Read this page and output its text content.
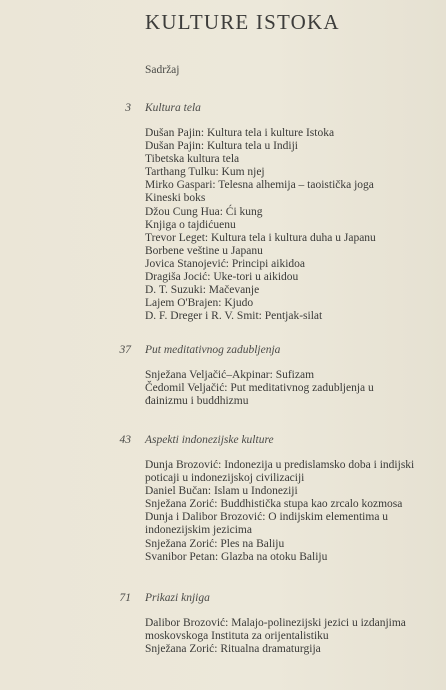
KULTURE ISTOKA
Sadržaj
3 Kultura tela
Dušan Pajin: Kultura tela i kulture Istoka
Dušan Pajin: Kultura tela u Indiji
Tibetska kultura tela
Tarthang Tulku: Kum njej
Mirko Gaspari: Telesna alhemija – taoistička joga
Kineski boks
Džou Cung Hua: Ći kung
Knjiga o tajdićuenu
Trevor Leget: Kultura tela i kultura duha u Japanu
Borbene veštine u Japanu
Jovica Stanojević: Principi aikidoa
Dragiša Jocić: Uke-tori u aikidou
D. T. Suzuki: Mačevanje
Lajem O'Brajen: Kjudo
D. F. Dreger i R. V. Smit: Pentjak-silat
37 Put meditativnog zadubljenja
Snježana Veljačić–Akpinar: Sufizam
Čedomil Veljačić: Put meditativnog zadubljenja u
đainizmu i buddhizmu
43 Aspekti indonezijske kulture
Dunja Brozović: Indonezija u predislamsko doba i indijski
poticaji u indonezijskoj civilizaciji
Daniel Bučan: Islam u Indoneziji
Snježana Zorić: Buddhistička stupa kao zrcalo kozmosa
Dunja i Dalibor Brozović: O indijskim elementima u
indonezijskim jezicima
Snježana Zorić: Ples na Baliju
Svanibor Petan: Glazba na otoku Baliju
71 Prikazi knjiga
Dalibor Brozović: Malajo-polinezijski jezici u izdanjima
moskovskoga Instituta za orijentalistiku
Snježana Zorić: Ritualna dramaturgija
